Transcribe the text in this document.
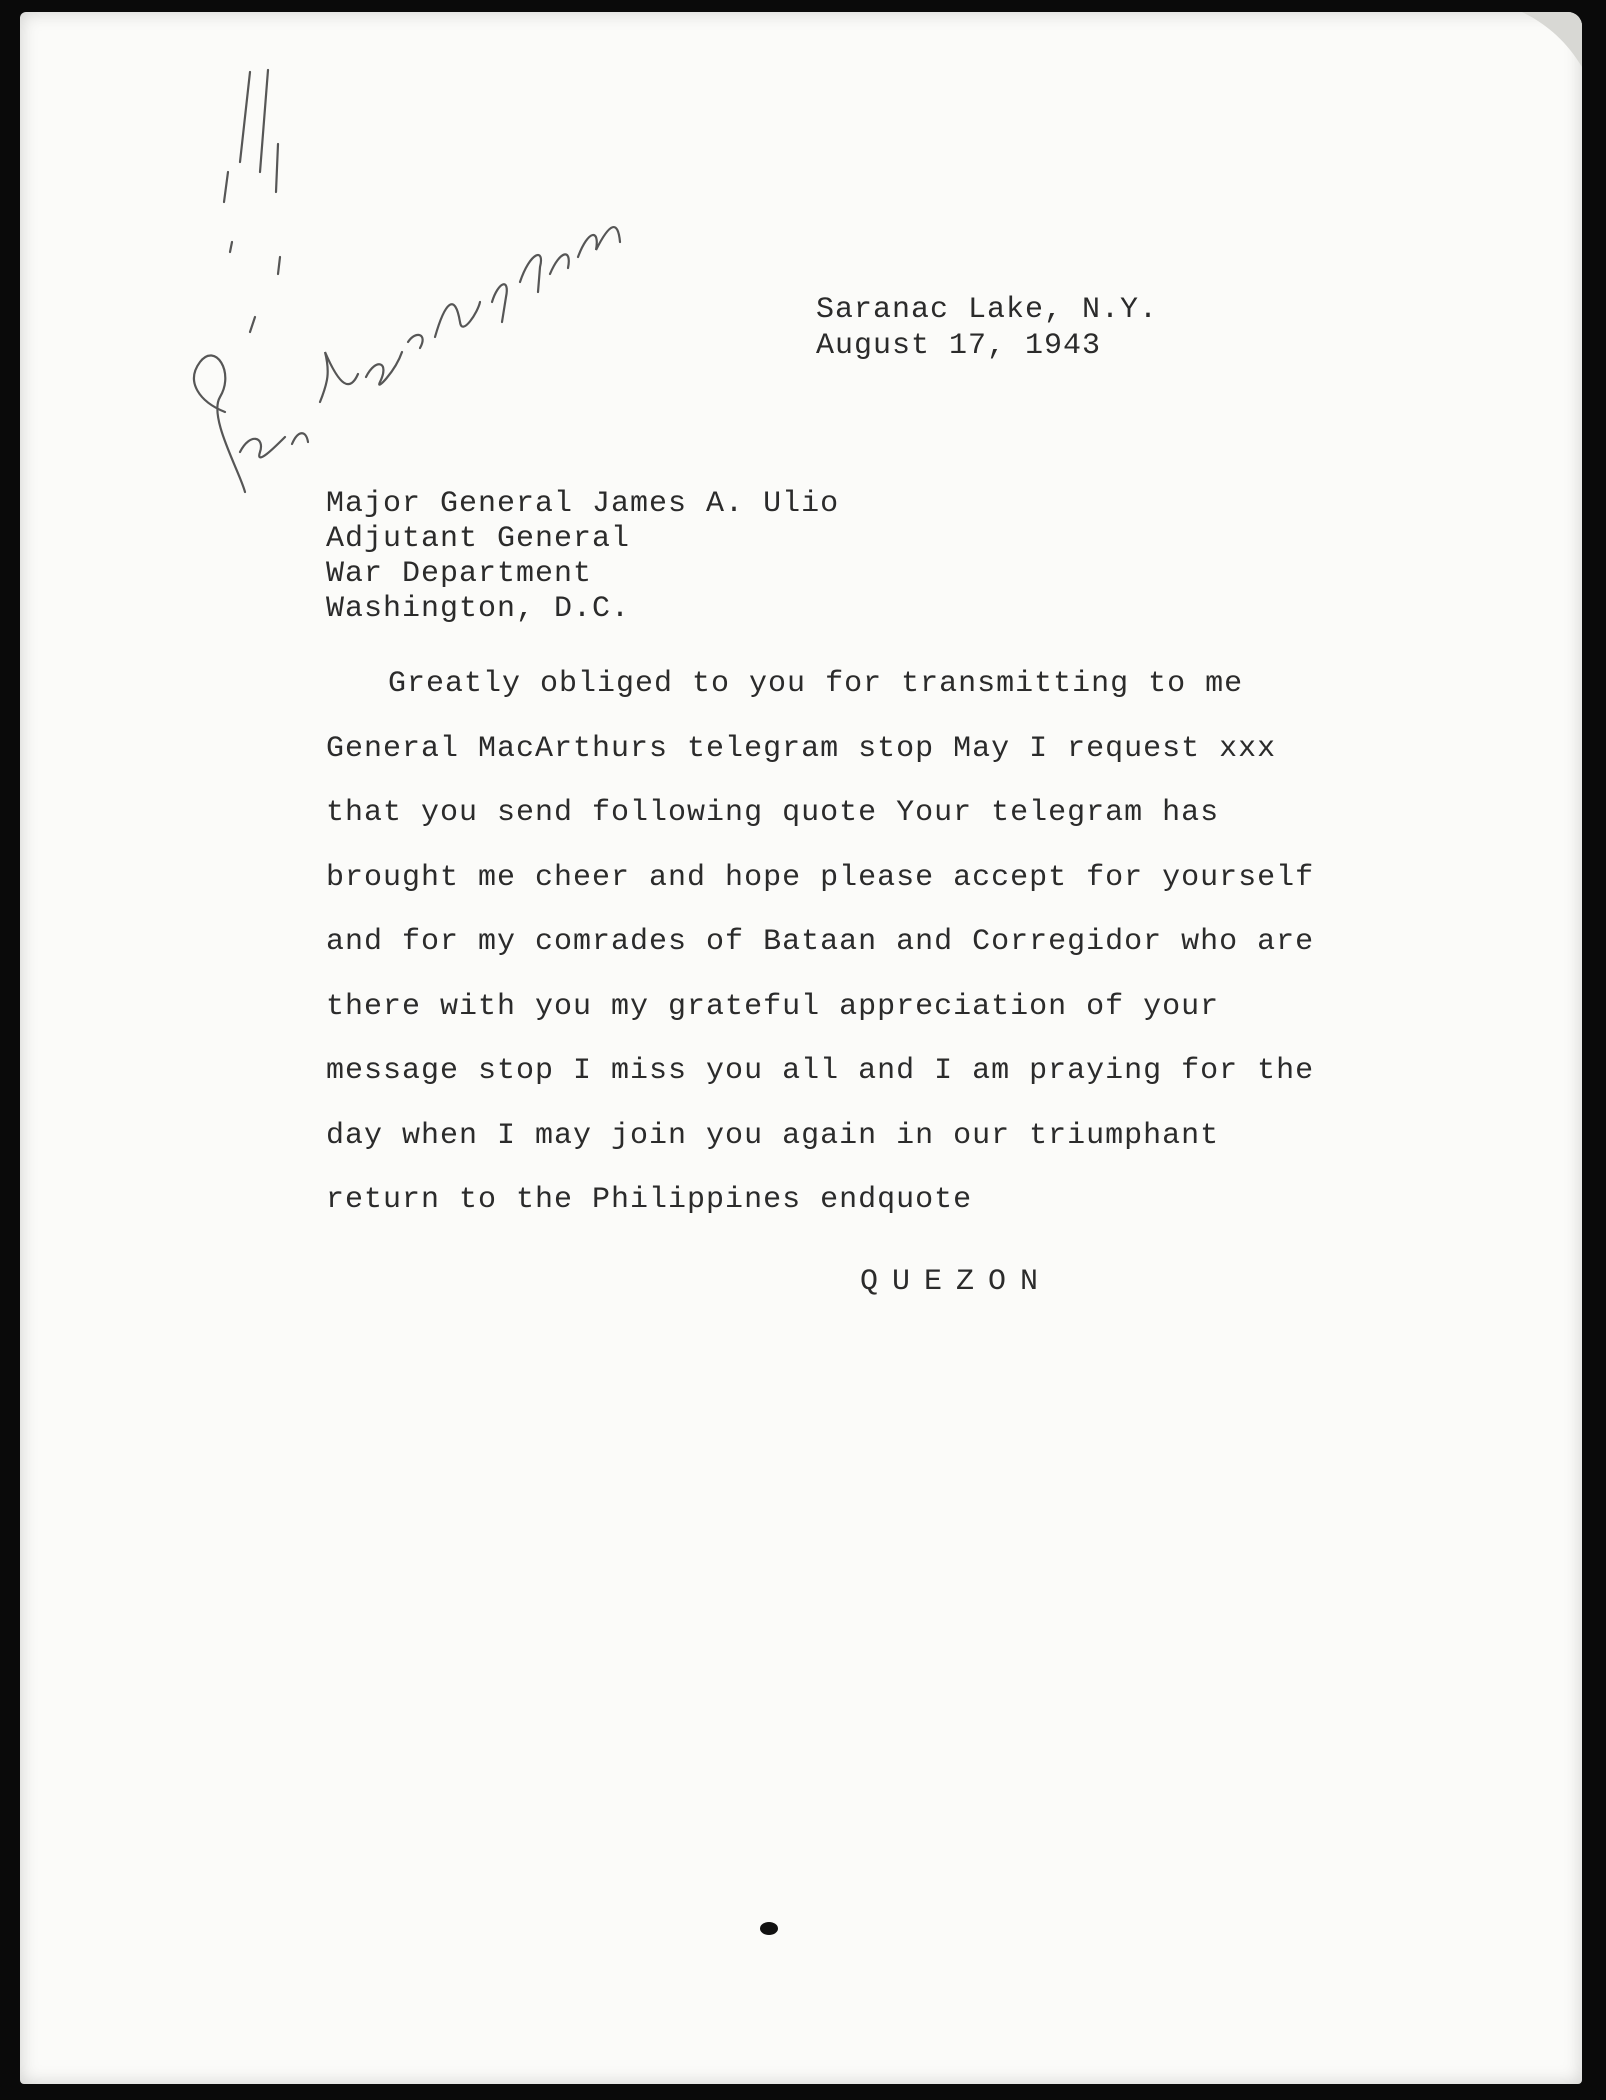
Saranac Lake, N.Y.
August 17, 1943
Major General James A. Ulio
Adjutant General
War Department
Washington, D.C.
Greatly obliged to you for transmitting to me
General MacArthurs telegram stop May I request xxx
that you send following quote Your telegram has
brought me cheer and hope please accept for yourself
and for my comrades of Bataan and Corregidor who are
there with you my grateful appreciation of your
message stop I miss you all and I am praying for the
day when I may join you again in our triumphant
return to the Philippines endquote
QUEZON
